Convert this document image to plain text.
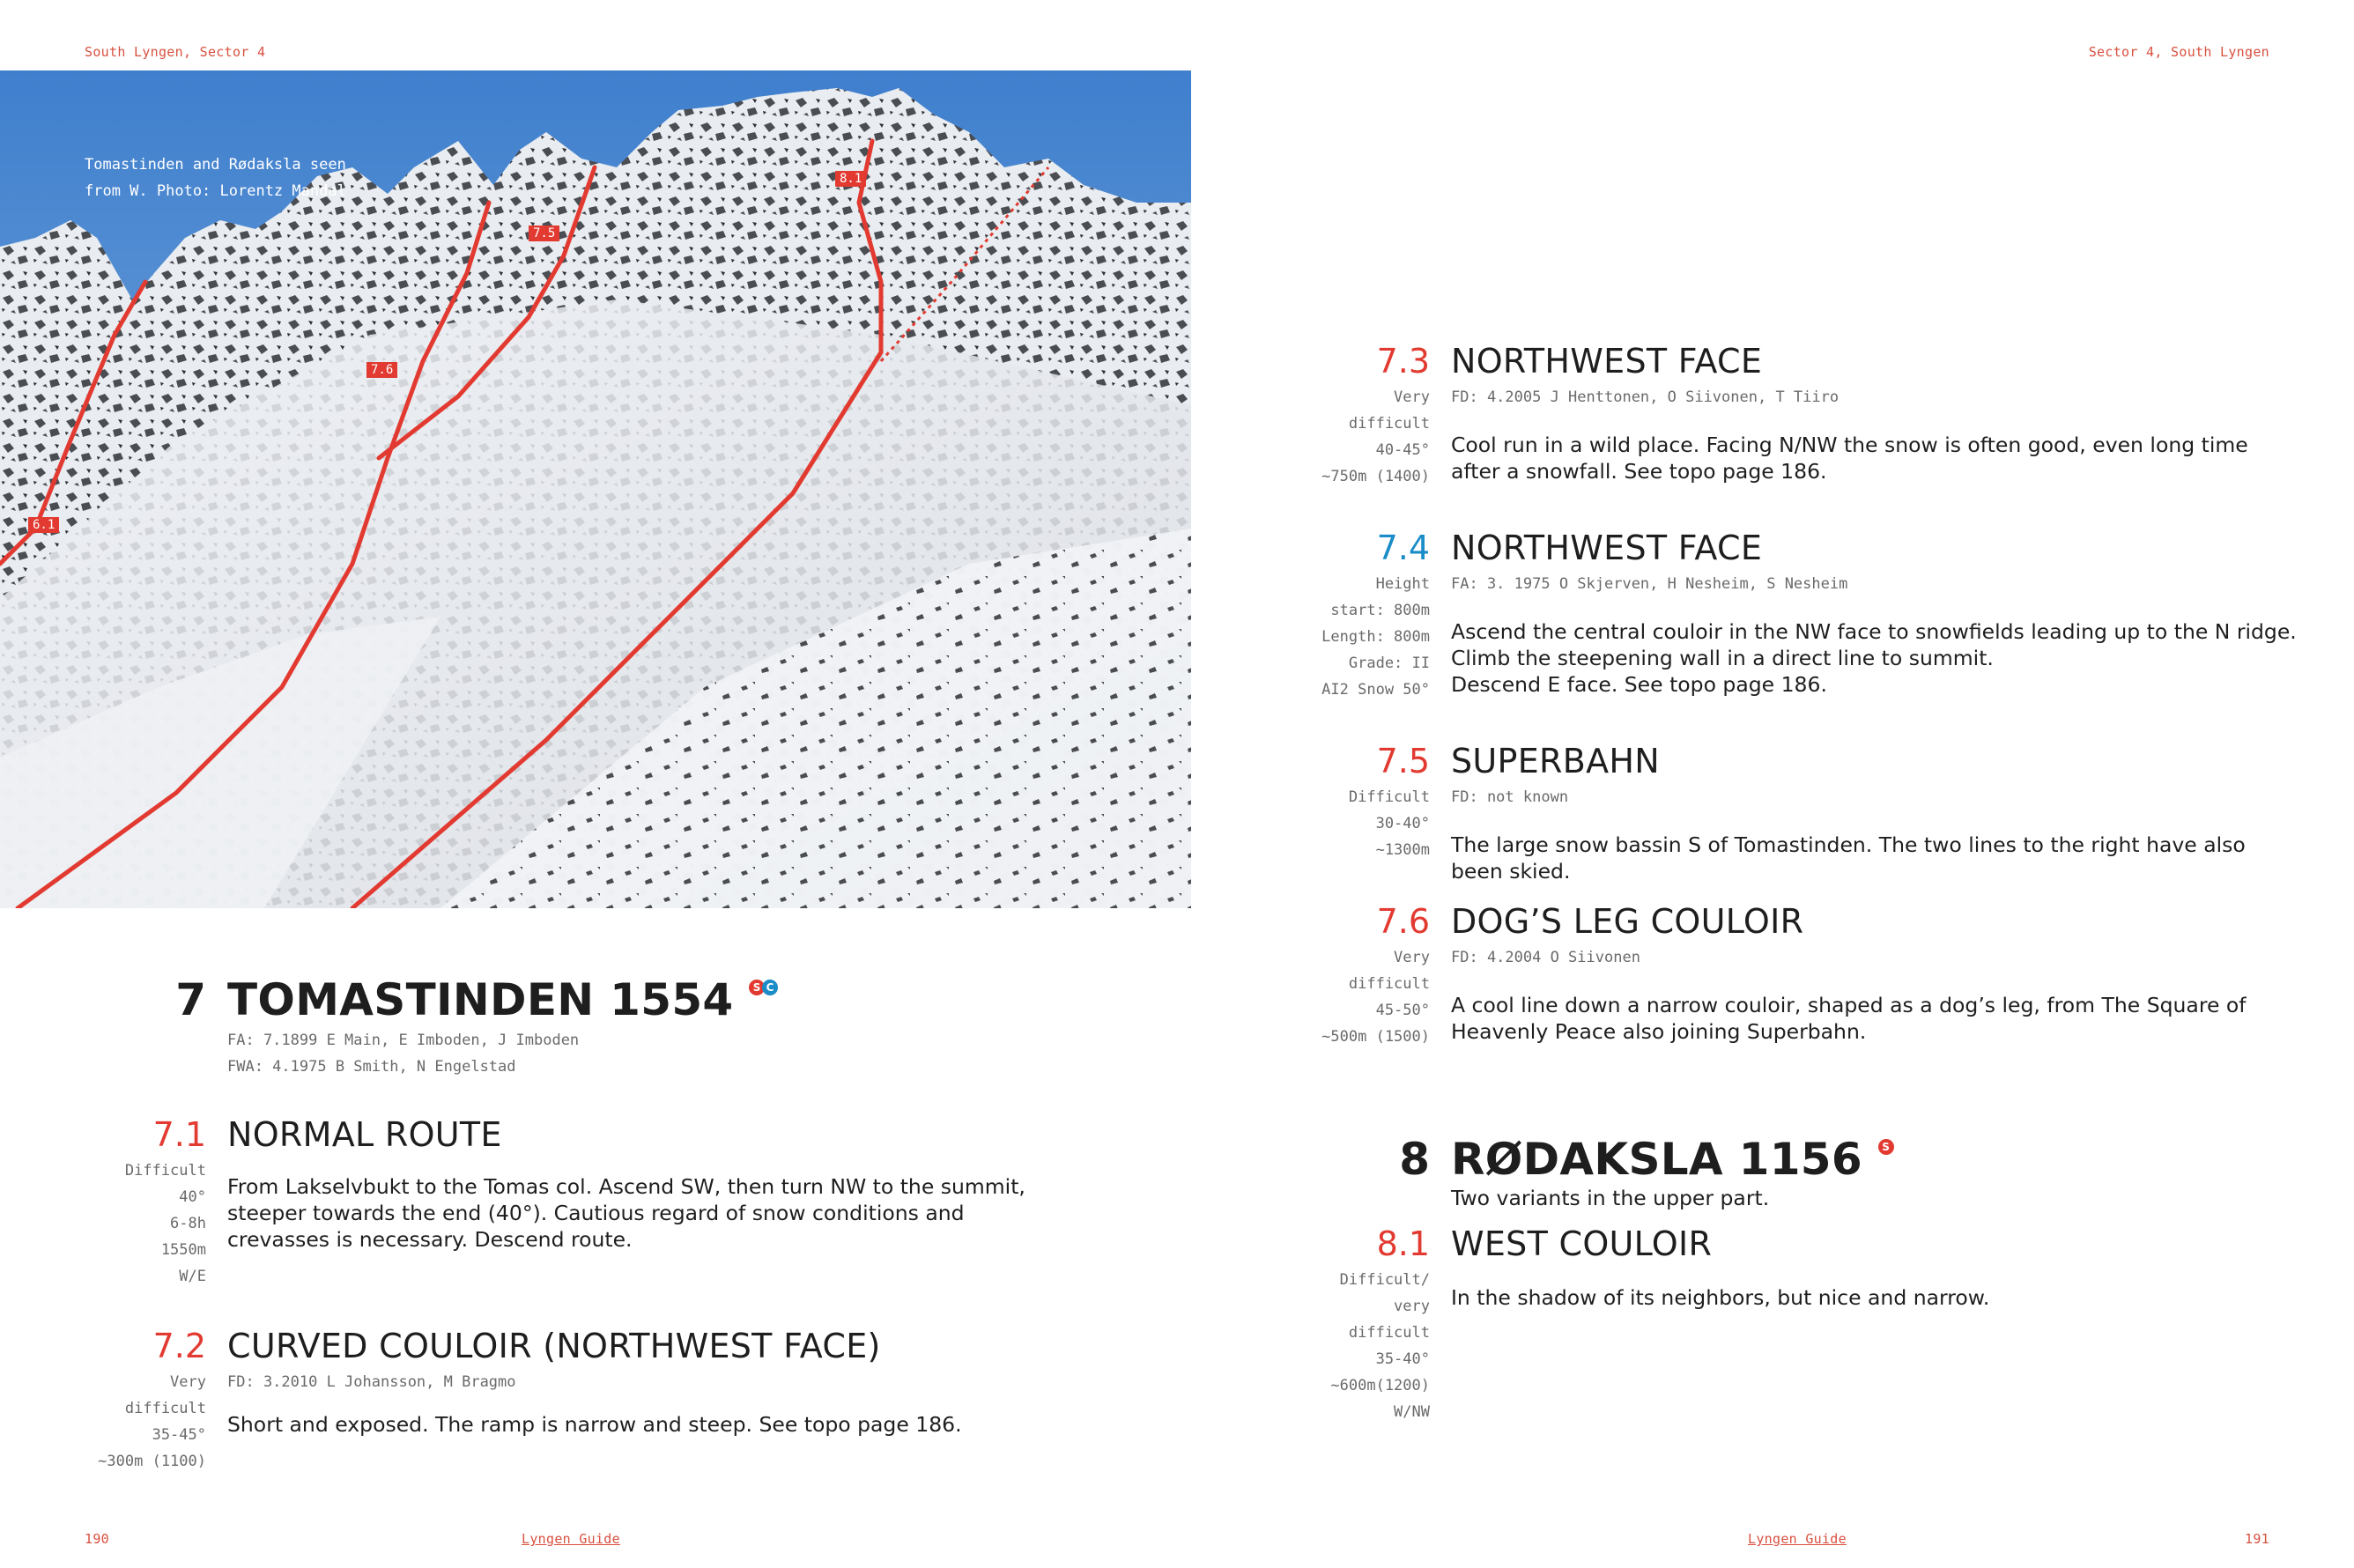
South Lyngen, Sector 4	Sector 4, South Lyngen
Tomastinden and Rødaksla seen
from W. Photo: Lorentz Mandal
6.1
7.6
7.5
8.1
7 TOMASTINDEN 1554 S C
FA: 7.1899 E Main, E Imboden, J Imboden
FWA: 4.1975 B Smith, N Engelstad
7.1 NORMAL ROUTE
Difficult
40°
6-8h
1550m
W/E
From Lakselvbukt to the Tomas col. Ascend SW, then turn NW to the summit, steeper towards the end (40°). Cautious regard of snow conditions and crevasses is necessary. Descend route.
7.2 CURVED COULOIR (NORTHWEST FACE)
Very
difficult
35-45°
~300m (1100)
FD: 3.2010 L Johansson, M Bragmo
Short and exposed. The ramp is narrow and steep. See topo page 186.
7.3 NORTHWEST FACE
Very
difficult
40-45°
~750m (1400)
FD: 4.2005 J Henttonen, O Siivonen, T Tiiro
Cool run in a wild place. Facing N/NW the snow is often good, even long time after a snowfall. See topo page 186.
7.4 NORTHWEST FACE
Height
start: 800m
Length: 800m
Grade: II
AI2 Snow 50°
FA: 3. 1975 O Skjerven, H Nesheim, S Nesheim
Ascend the central couloir in the NW face to snowfields leading up to the N ridge. Climb the steepening wall in a direct line to summit.
Descend E face. See topo page 186.
7.5 SUPERBAHN
Difficult
30-40°
~1300m
FD: not known
The large snow bassin S of Tomastinden. The two lines to the right have also been skied.
7.6 DOG’S LEG COULOIR
Very
difficult
45-50°
~500m (1500)
FD: 4.2004 O Siivonen
A cool line down a narrow couloir, shaped as a dog’s leg, from The Square of Heavenly Peace also joining Superbahn.
8 RØDAKSLA 1156 S
Two variants in the upper part.
8.1 WEST COULOIR
Difficult/
very
difficult
35-40°
~600m(1200)
W/NW
In the shadow of its neighbors, but nice and narrow.
190	Lyngen Guide	Lyngen Guide	191
